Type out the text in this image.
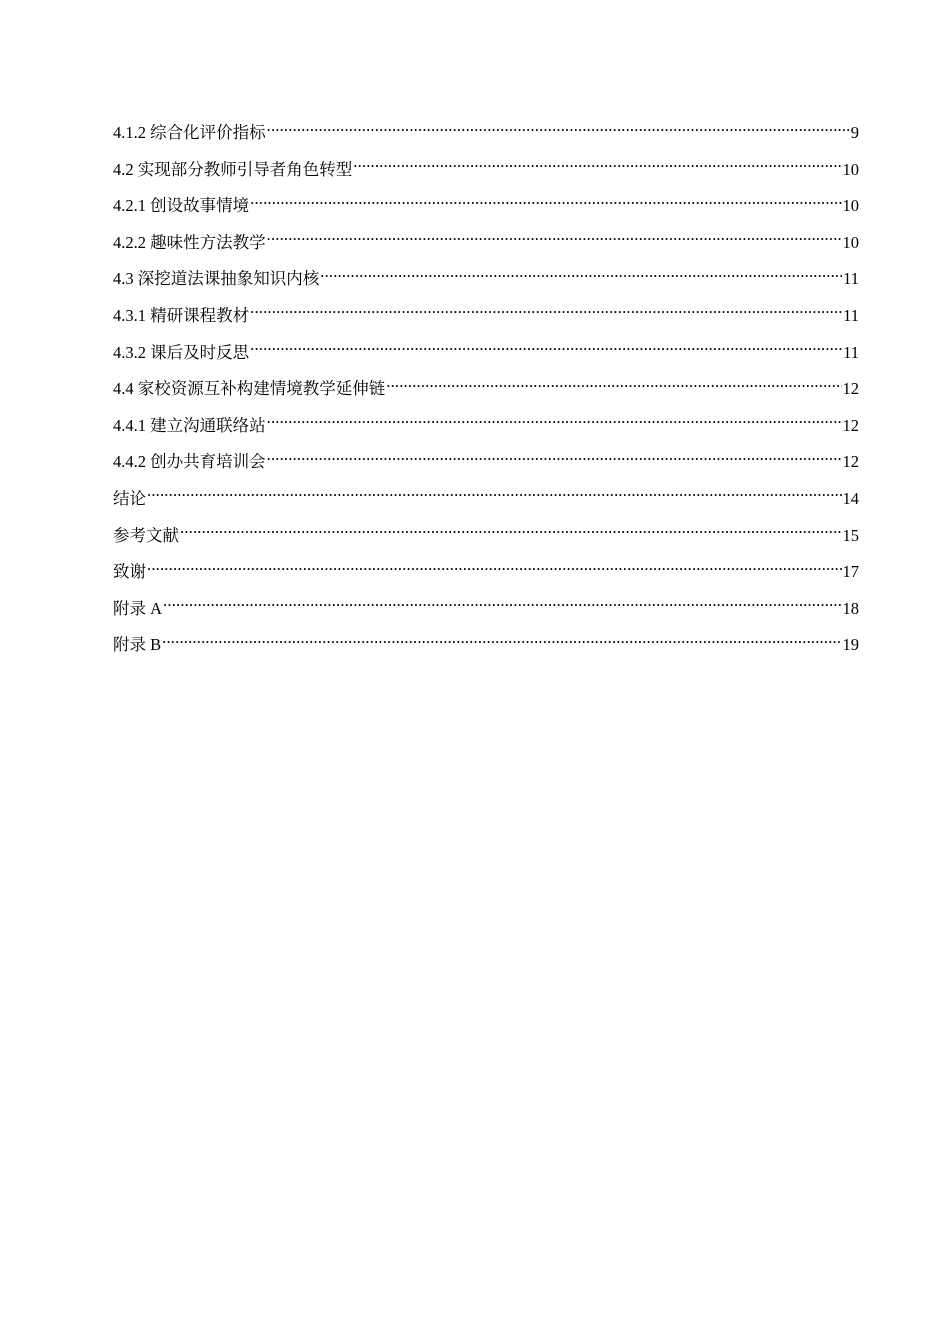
4.1.2 综合化评价指标 .....	9
4.2 实现部分教师引导者角色转型 .....	10
4.2.1 创设故事情境 .....	10
4.2.2 趣味性方法教学 .....	10
4.3 深挖道法课抽象知识内核 .....	11
4.3.1 精研课程教材 .....	11
4.3.2 课后及时反思 .....	11
4.4 家校资源互补构建情境教学延伸链 .....	12
4.4.1 建立沟通联络站 .....	12
4.4.2 创办共育培训会 .....	12
结论 .....	14
参考文献 .....	15
致谢 .....	17
附录 A .....	18
附录 B .....	19
